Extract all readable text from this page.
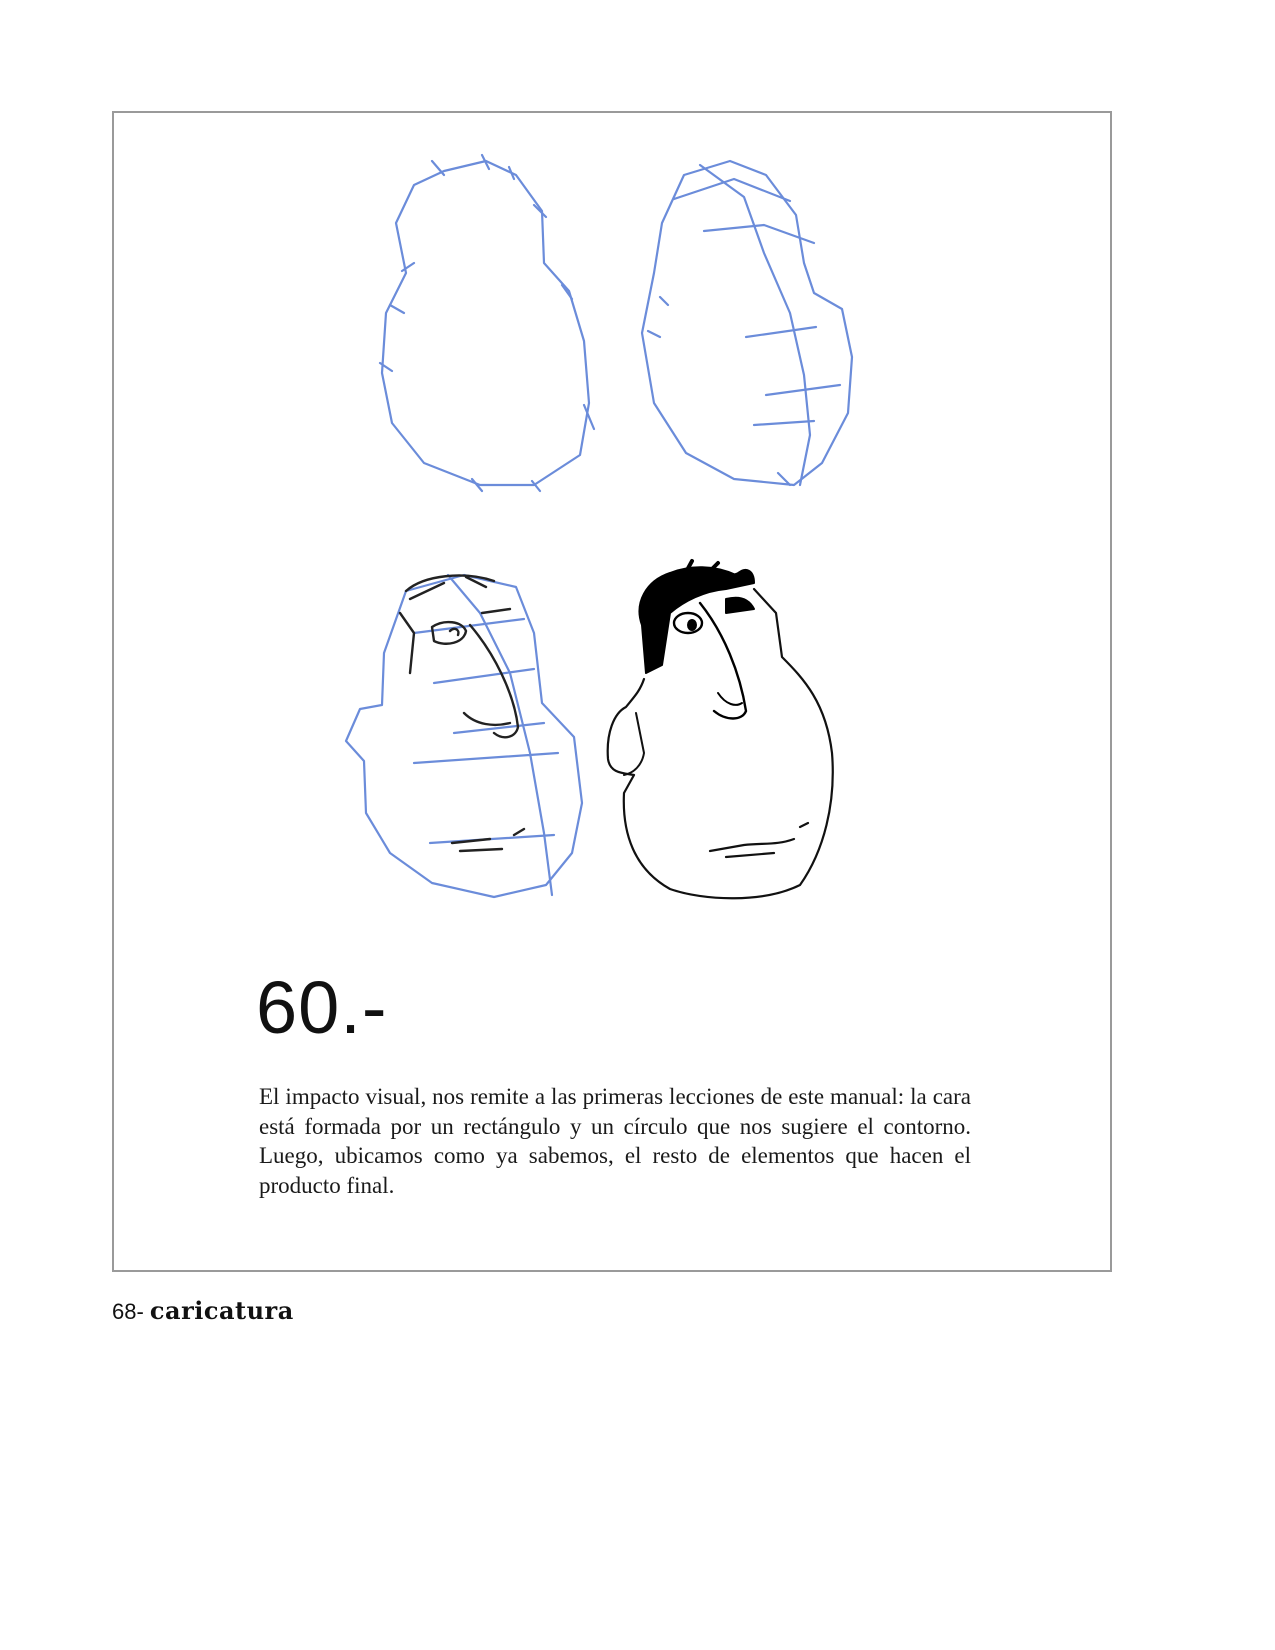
60.-

El impacto visual, nos remite a las primeras lecciones de este manual: la cara está formada por un rectángulo y un círculo que nos sugiere el contorno. Luego, ubicamos como ya sabemos, el resto de elementos que hacen el producto final.

68- caricatura
